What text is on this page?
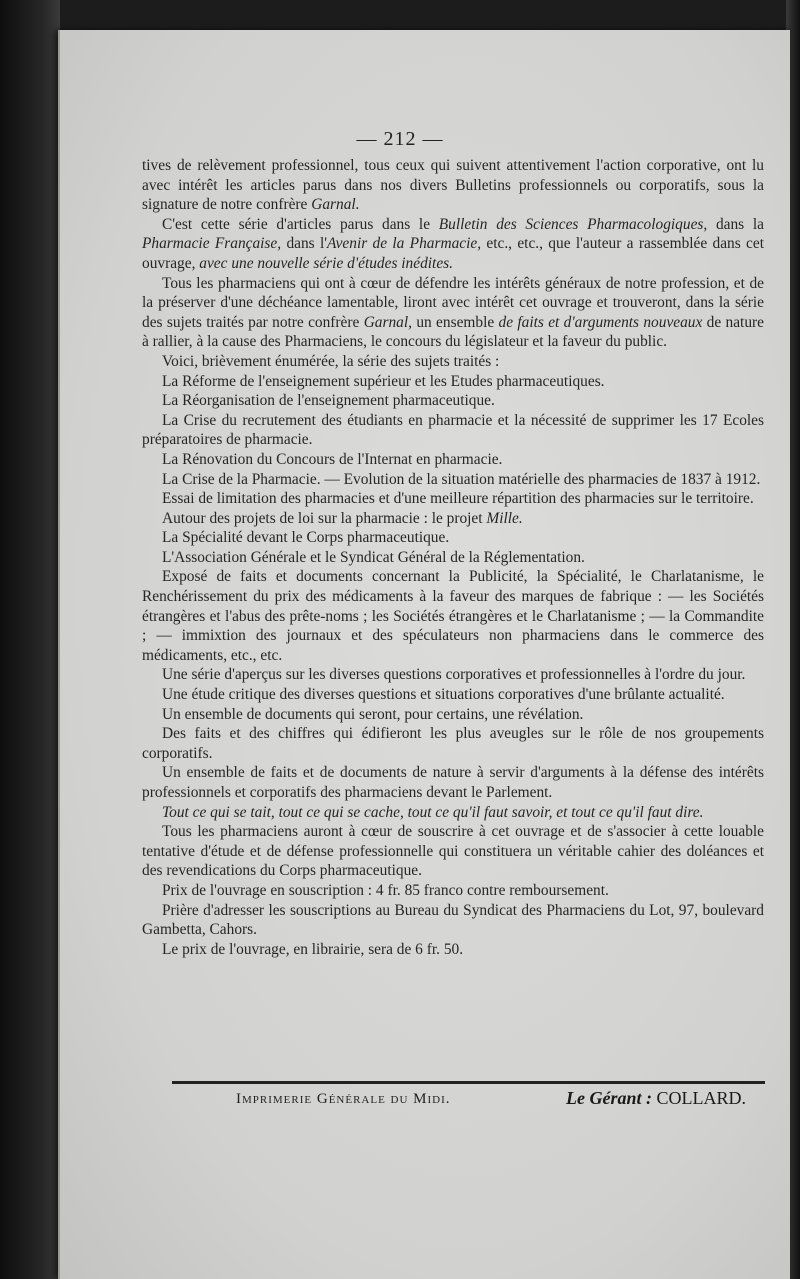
— 212 —

tives de relèvement professionnel, tous ceux qui suivent attentivement l'action corporative, ont lu avec intérêt les articles parus dans nos divers Bulletins professionnels ou corporatifs, sous la signature de notre confrère Garnal.

C'est cette série d'articles parus dans le Bulletin des Sciences Pharmacologiques, dans la Pharmacie Française, dans l'Avenir de la Pharmacie, etc., etc., que l'auteur a rassemblée dans cet ouvrage, avec une nouvelle série d'études inédites.

Tous les pharmaciens qui ont à cœur de défendre les intérêts généraux de notre profession, et de la préserver d'une déchéance lamentable, liront avec intérêt cet ouvrage et trouveront, dans la série des sujets traités par notre confrère Garnal, un ensemble de faits et d'arguments nouveaux de nature à rallier, à la cause des Pharmaciens, le concours du législateur et la faveur du public.

Voici, brièvement énumérée, la série des sujets traités :

La Réforme de l'enseignement supérieur et les Etudes pharmaceutiques.

La Réorganisation de l'enseignement pharmaceutique.

La Crise du recrutement des étudiants en pharmacie et la nécessité de supprimer les 17 Ecoles préparatoires de pharmacie.

La Rénovation du Concours de l'Internat en pharmacie.

La Crise de la Pharmacie. — Evolution de la situation matérielle des pharmacies de 1837 à 1912.

Essai de limitation des pharmacies et d'une meilleure répartition des pharmacies sur le territoire.

Autour des projets de loi sur la pharmacie : le projet Mille.

La Spécialité devant le Corps pharmaceutique.

L'Association Générale et le Syndicat Général de la Réglementation.

Exposé de faits et documents concernant la Publicité, la Spécialité, le Charlatanisme, le Renchérissement du prix des médicaments à la faveur des marques de fabrique : — les Sociétés étrangères et l'abus des prête-noms ; les Sociétés étrangères et le Charlatanisme ; — la Commandite ; — immixtion des journaux et des spéculateurs non pharmaciens dans le commerce des médicaments, etc., etc.

Une série d'aperçus sur les diverses questions corporatives et professionnelles à l'ordre du jour.

Une étude critique des diverses questions et situations corporatives d'une brûlante actualité.

Un ensemble de documents qui seront, pour certains, une révélation.

Des faits et des chiffres qui édifieront les plus aveugles sur le rôle de nos groupements corporatifs.

Un ensemble de faits et de documents de nature à servir d'arguments à la défense des intérêts professionnels et corporatifs des pharmaciens devant le Parlement.

Tout ce qui se tait, tout ce qui se cache, tout ce qu'il faut savoir, et tout ce qu'il faut dire.

Tous les pharmaciens auront à cœur de souscrire à cet ouvrage et de s'associer à cette louable tentative d'étude et de défense professionnelle qui constituera un véritable cahier des doléances et des revendications du Corps pharmaceutique.

Prix de l'ouvrage en souscription : 4 fr. 85 franco contre remboursement.

Prière d'adresser les souscriptions au Bureau du Syndicat des Pharmaciens du Lot, 97, boulevard Gambetta, Cahors.

Le prix de l'ouvrage, en librairie, sera de 6 fr. 50.

Imprimerie Générale du Midi.	Le Gérant : COLLARD.
